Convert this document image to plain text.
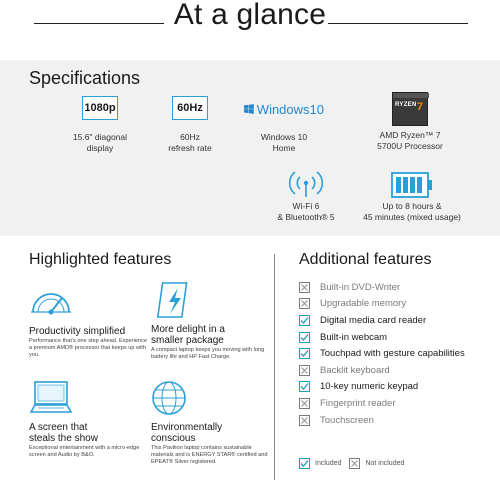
At a glance
Specifications
1080p
15.6" diagonal
display
60Hz
60Hz
refresh rate
Windows10
Windows 10
Home
RYZEN 7
AMD Ryzen™ 7
5700U Processor
Wi-Fi 6
& Bluetooth® 5
Up to 8 hours &
45 minutes (mixed usage)
Highlighted features	Additional features
Productivity simplified
Performance that's one step ahead. Experience a premium AMD® processor that keeps up with you.
More delight in a
smaller package
A compact laptop keeps you moving with long battery life and HP Fast Charge.
A screen that
steals the show
Exceptional entertainment with a micro-edge screen and Audio by B&O.
Environmentally
conscious
This Pavilion laptop contains sustainable materials and is ENERGY STAR® certified and EPEAT® Silver registered.
Built-in DVD-Writer
Upgradable memory
Digital media card reader
Built-in webcam
Touchpad with gesture capabilities
Backlit keyboard
10-key numeric keypad
Fingerprint reader
Touchscreen
Included	Not included
